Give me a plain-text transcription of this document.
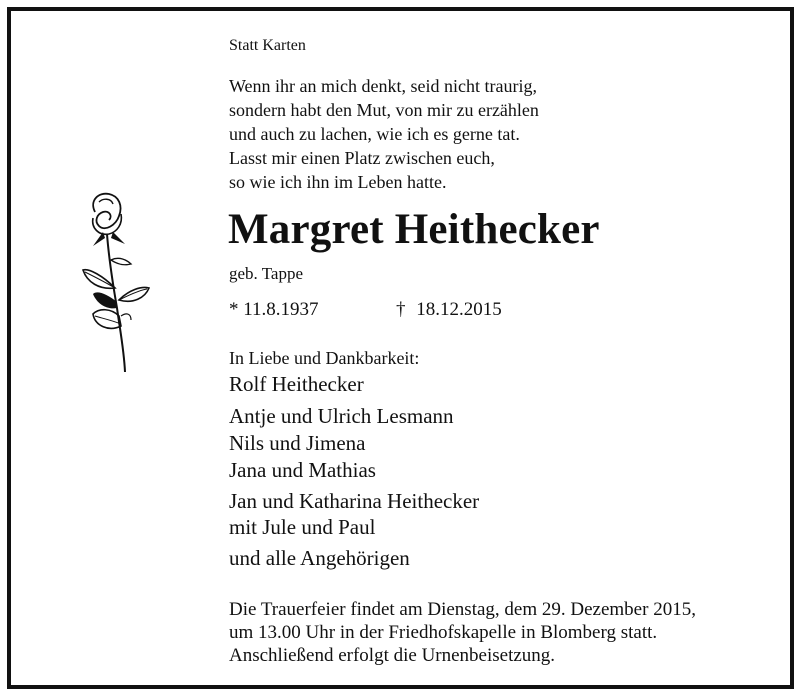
Statt Karten
Wenn ihr an mich denkt, seid nicht traurig,
sondern habt den Mut, von mir zu erzählen
und auch zu lachen, wie ich es gerne tat.
Lasst mir einen Platz zwischen euch,
so wie ich ihn im Leben hatte.
Margret Heithecker
geb. Tappe
* 11.8.1937	† 18.12.2015
In Liebe und Dankbarkeit:
Rolf Heithecker
Antje und Ulrich Lesmann
Nils und Jimena
Jana und Mathias
Jan und Katharina Heithecker
mit Jule und Paul
und alle Angehörigen
Die Trauerfeier findet am Dienstag, dem 29. Dezember 2015,
um 13.00 Uhr in der Friedhofskapelle in Blomberg statt.
Anschließend erfolgt die Urnenbeisetzung.
